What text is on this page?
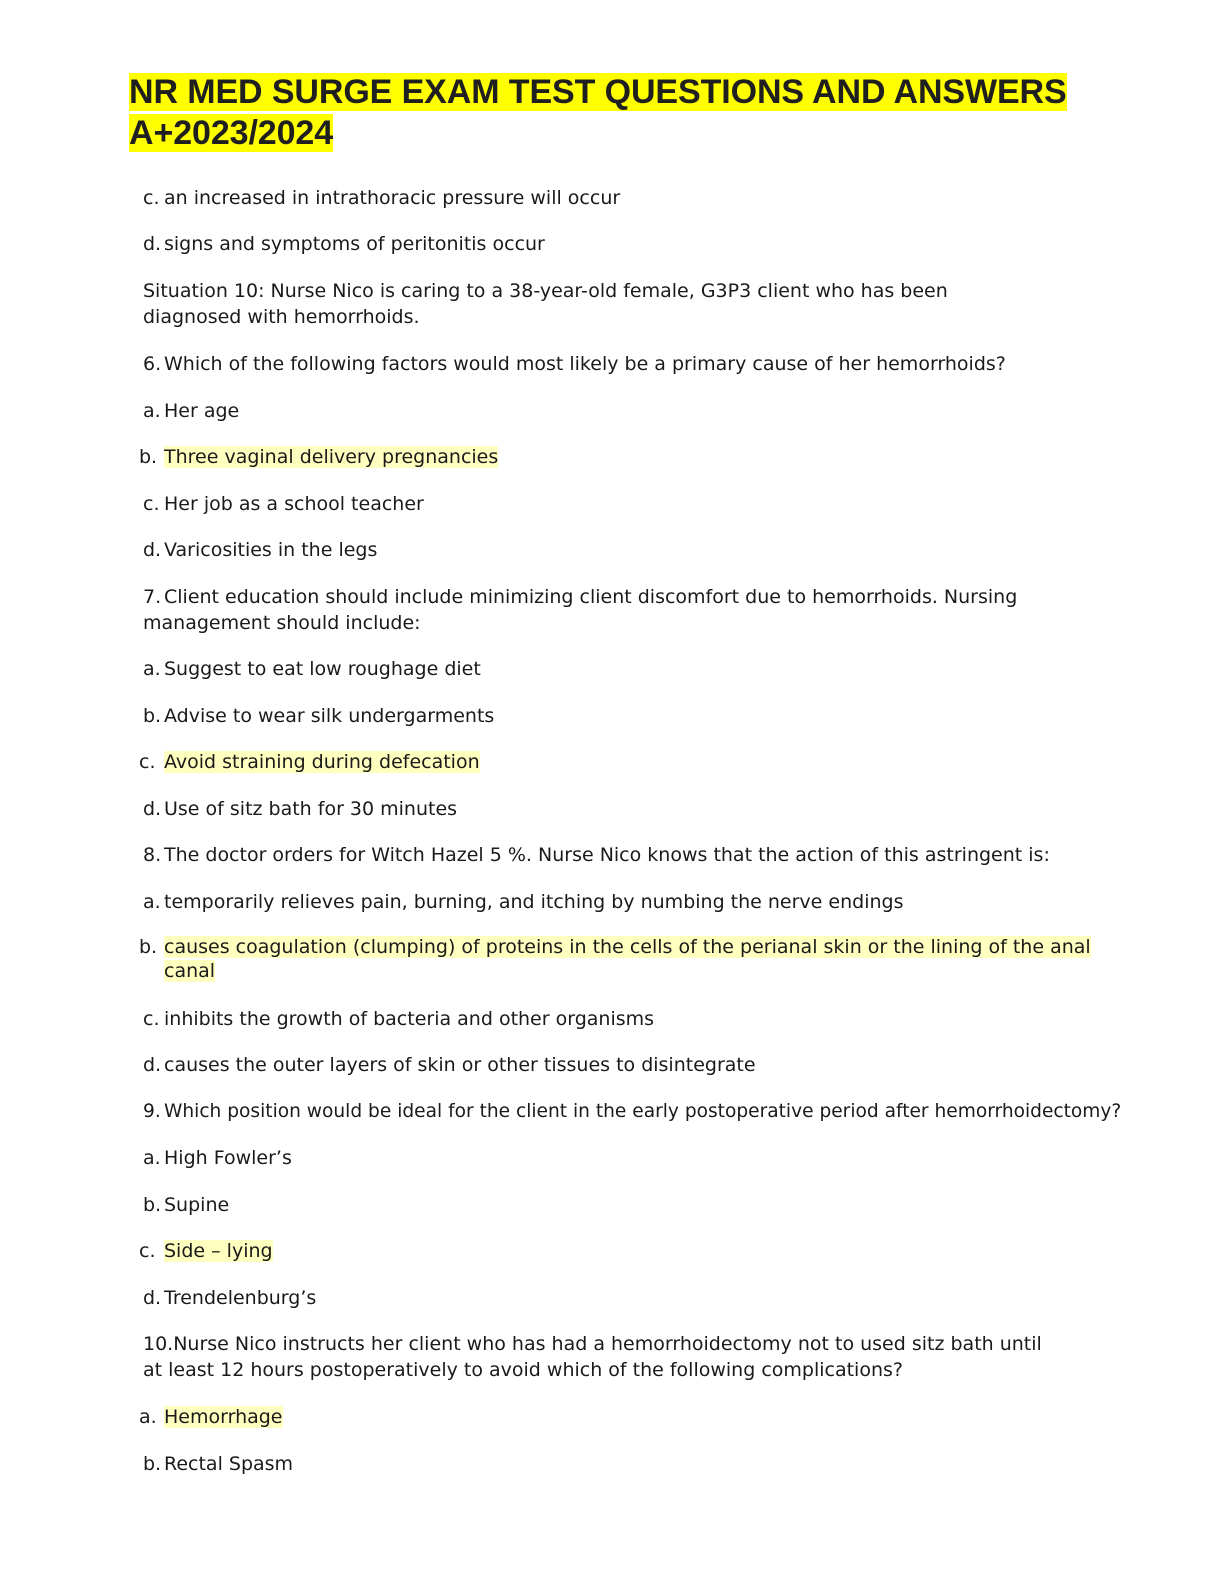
NR MED SURGE EXAM TEST QUESTIONS AND ANSWERS
A+2023/2024
c. an increased in intrathoracic pressure will occur
d. signs and symptoms of peritonitis occur

Situation 10: Nurse Nico is caring to a 38-year-old female, G3P3 client who has been diagnosed with hemorrhoids.

6. Which of the following factors would most likely be a primary cause of her hemorrhoids?
a. Her age
b. Three vaginal delivery pregnancies
c. Her job as a school teacher
d. Varicosities in the legs

7. Client education should include minimizing client discomfort due to hemorrhoids. Nursing management should include:

a. Suggest to eat low roughage diet
b. Advise to wear silk undergarments
c. Avoid straining during defecation
d. Use of sitz bath for 30 minutes
8. The doctor orders for Witch Hazel 5 %. Nurse Nico knows that the action of this astringent is:
a. temporarily relieves pain, burning, and itching by numbing the nerve endings
b. causes coagulation (clumping) of proteins in the cells of the perianal skin or the lining of the anal canal
c. inhibits the growth of bacteria and other organisms
d. causes the outer layers of skin or other tissues to disintegrate
9. Which position would be ideal for the client in the early postoperative period after hemorrhoidectomy?
a. High Fowler’s
b. Supine
c. Side – lying
d. Trendelenburg’s

10.Nurse Nico instructs her client who has had a hemorrhoidectomy not to used sitz bath until at least 12 hours postoperatively to avoid which of the following complications?

a. Hemorrhage
b. Rectal Spasm
